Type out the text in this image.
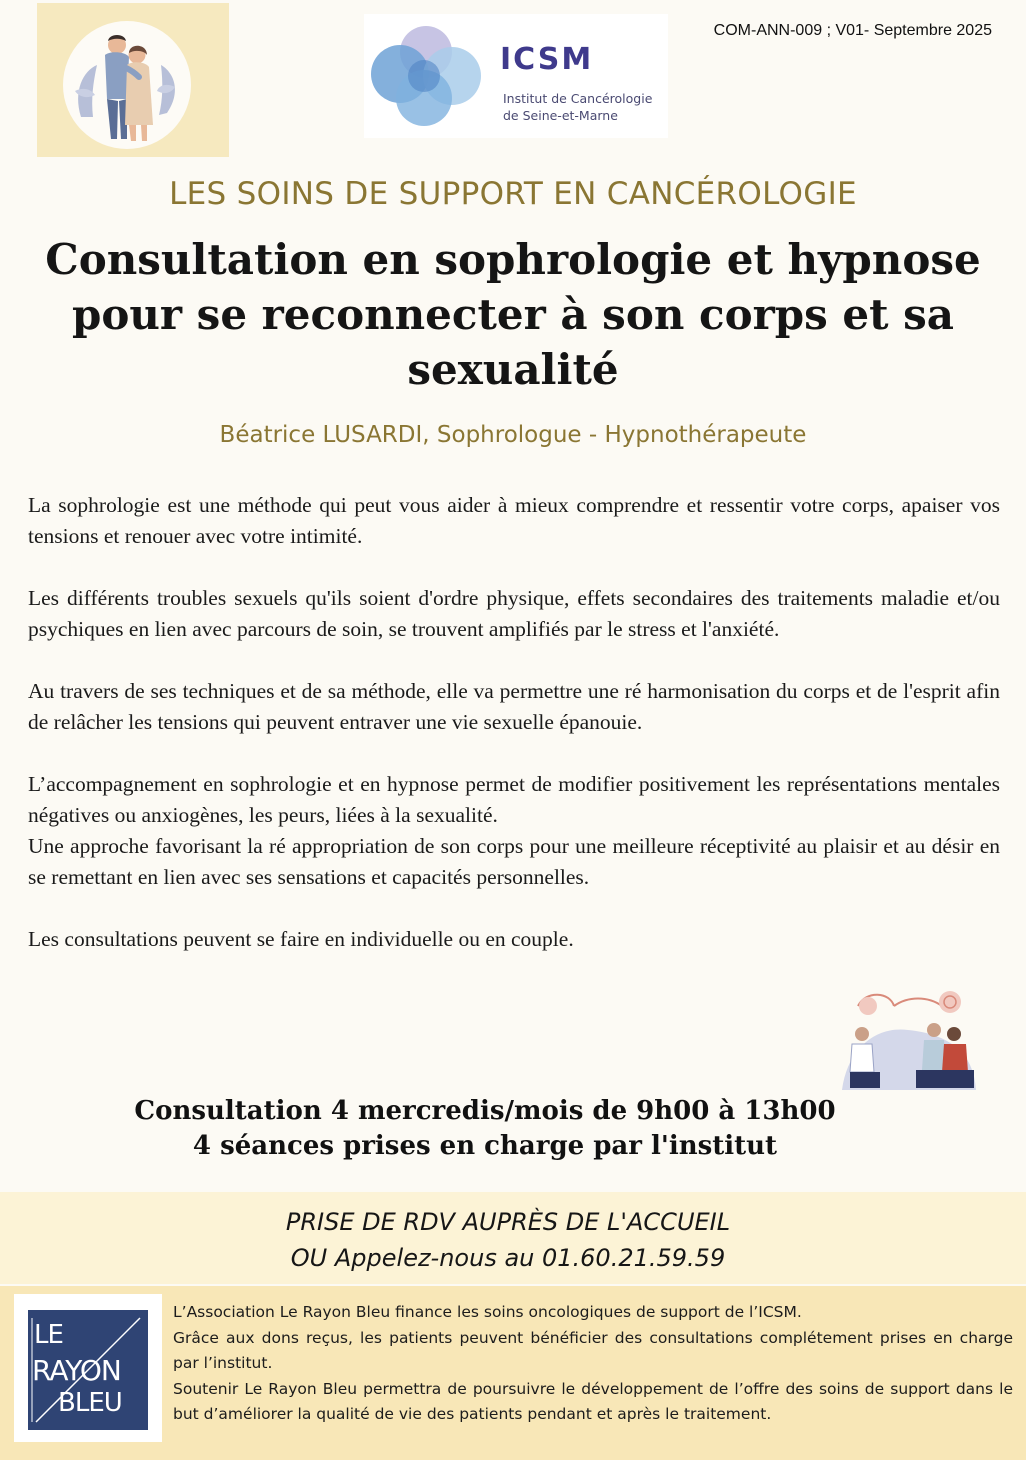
ICSM
Institut de Cancérologie
de Seine-et-Marne
COM-ANN-009 ; V01- Septembre 2025
LES SOINS DE SUPPORT EN CANCÉROLOGIE
Consultation en sophrologie et hypnose pour se reconnecter à son corps et sa sexualité
Béatrice LUSARDI, Sophrologue - Hypnothérapeute

La sophrologie est une méthode qui peut vous aider à mieux comprendre et ressentir votre corps, apaiser vos tensions et renouer avec votre intimité.

Les différents troubles sexuels qu'ils soient d'ordre physique, effets secondaires des traitements maladie et/ou psychiques en lien avec parcours de soin, se trouvent amplifiés par le stress et l'anxiété.

Au travers de ses techniques et de sa méthode, elle va permettre une ré harmonisation du corps et de l'esprit afin de relâcher les tensions qui peuvent entraver une vie sexuelle épanouie.

L’accompagnement en sophrologie et en hypnose permet de modifier positivement les représentations mentales négatives ou anxiogènes, les peurs, liées à la sexualité.

Une approche favorisant la ré appropriation de son corps pour une meilleure réceptivité au plaisir et au désir en se remettant en lien avec ses sensations et capacités personnelles.

Les consultations peuvent se faire en individuelle ou en couple.

Consultation 4 mercredis/mois de 9h00 à 13h00
4 séances prises en charge par l'institut
PRISE DE RDV AUPRÈS DE L'ACCUEIL
OU Appelez-nous au 01.60.21.59.59
LE
RAYON
BLEU

L’Association Le Rayon Bleu finance les soins oncologiques de support de l’ICSM.

Grâce aux dons reçus, les patients peuvent bénéficier des consultations complétement prises en charge par l’institut.

Soutenir Le Rayon Bleu permettra de poursuivre le développement de l’offre des soins de support dans le but d’améliorer la qualité de vie des patients pendant et après le traitement.
